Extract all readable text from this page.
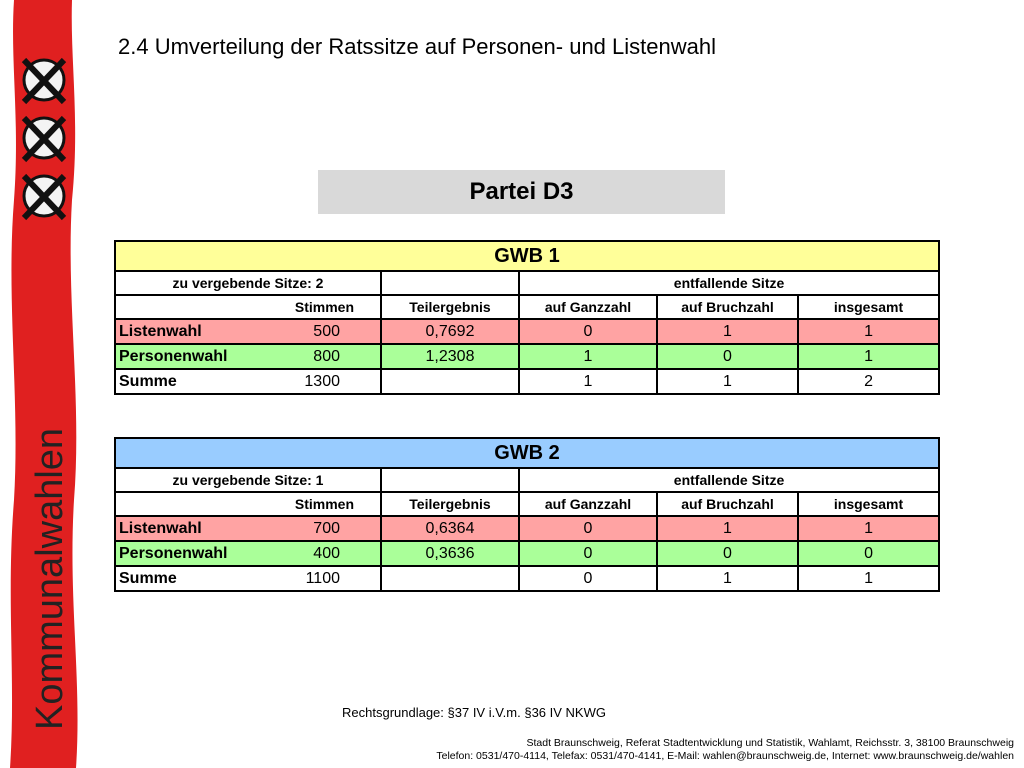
Kommunalwahlen
2.4 Umverteilung der Ratssitze auf Personen- und Listenwahl
Partei D3
GWB 1					
zu vergebende Sitze: 2			entfallende Sitze		
	Stimmen	Teilergebnis	auf Ganzzahl	auf Bruchzahl	insgesamt
Listenwahl	500	0,7692	0	1	1
Personenwahl	800	1,2308	1	0	1
Summe	1300		1	1	2
GWB 2					
zu vergebende Sitze: 1			entfallende Sitze		
	Stimmen	Teilergebnis	auf Ganzzahl	auf Bruchzahl	insgesamt
Listenwahl	700	0,6364	0	1	1
Personenwahl	400	0,3636	0	0	0
Summe	1100		0	1	1
Rechtsgrundlage: §37 IV i.V.m. §36 IV NKWG
Stadt Braunschweig, Referat Stadtentwicklung und Statistik, Wahlamt, Reichsstr. 3, 38100 Braunschweig
Telefon: 0531/470-4114, Telefax: 0531/470-4141, E-Mail: wahlen@braunschweig.de, Internet: www.braunschweig.de/wahlen
